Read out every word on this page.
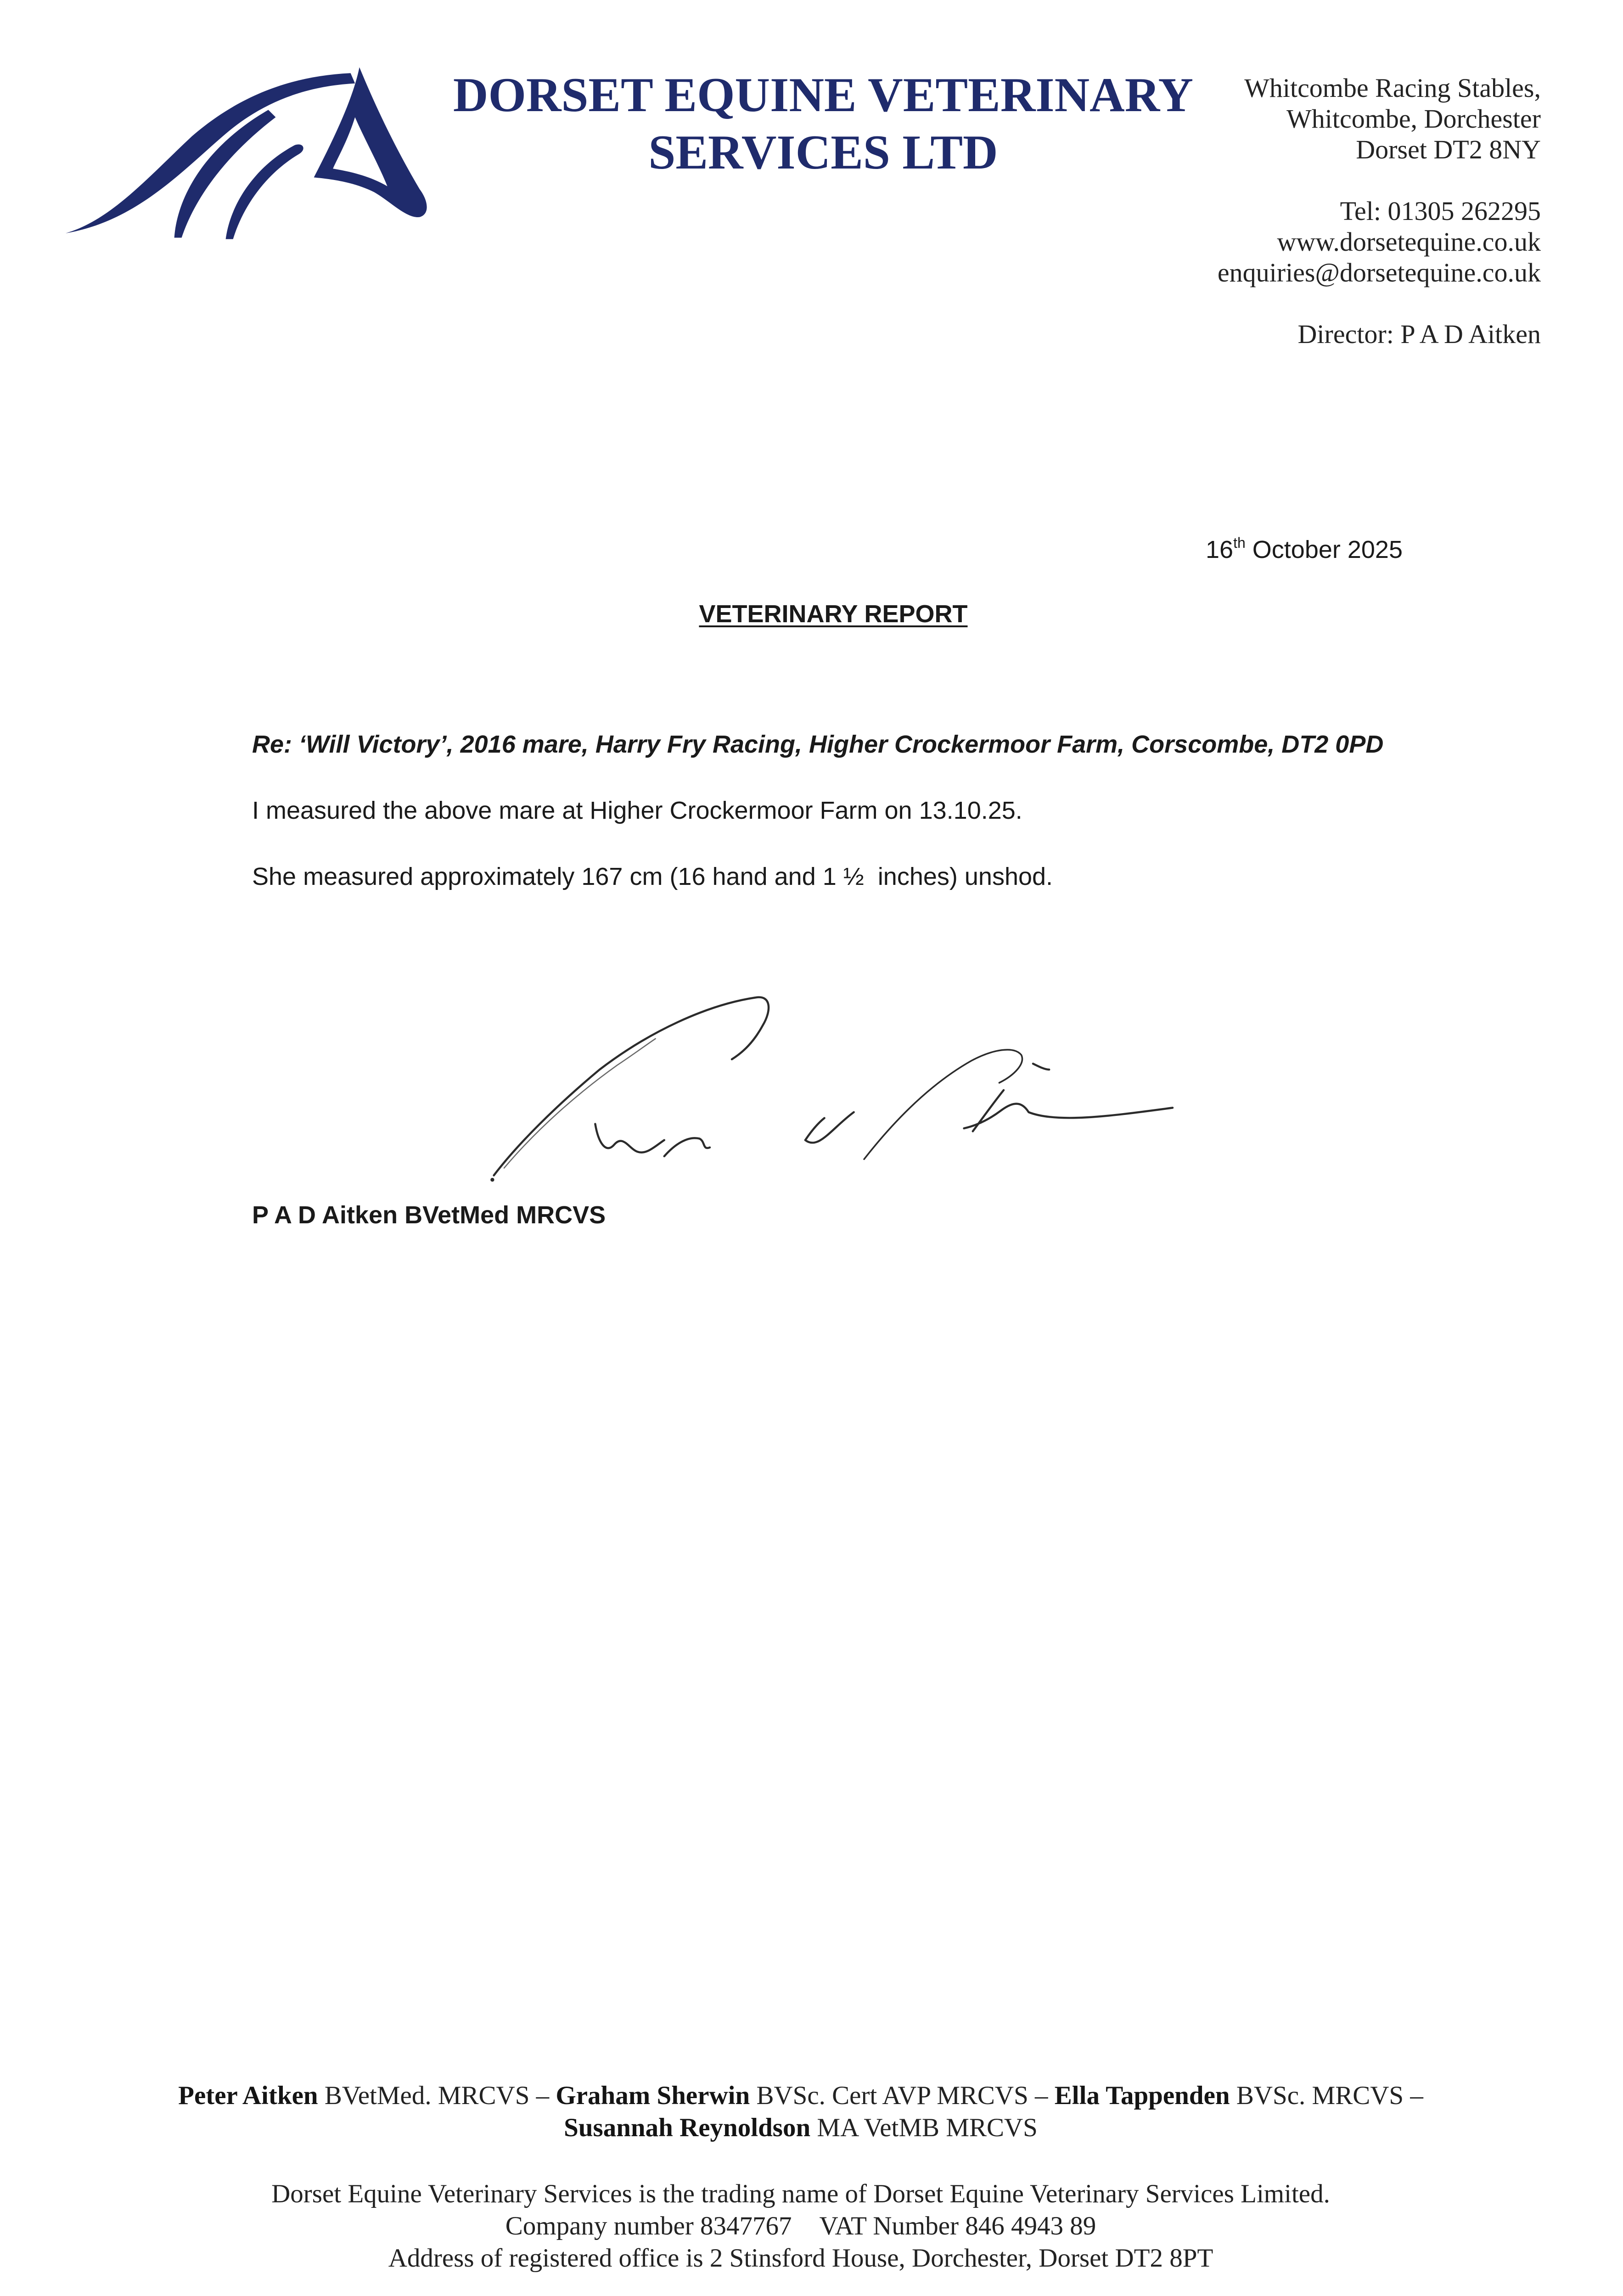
DORSET EQUINE VETERINARY
SERVICES LTD
Whitcombe Racing Stables,
Whitcombe, Dorchester
Dorset DT2 8NY
Tel: 01305 262295
www.dorsetequine.co.uk
enquiries@dorsetequine.co.uk
Director: P A D Aitken
16th October 2025
VETERINARY REPORT
Re: ‘Will Victory’, 2016 mare, Harry Fry Racing, Higher Crockermoor Farm, Corscombe, DT2 0PD
I measured the above mare at Higher Crockermoor Farm on 13.10.25.
She measured approximately 167 cm (16 hand and 1 ½  inches) unshod.
P A D Aitken BVetMed MRCVS
Peter Aitken BVetMed. MRCVS – Graham Sherwin BVSc. Cert AVP MRCVS – Ella Tappenden BVSc. MRCVS –
Susannah Reynoldson MA VetMB MRCVS
Dorset Equine Veterinary Services is the trading name of Dorset Equine Veterinary Services Limited.
Company number 8347767 VAT Number 846 4943 89
Address of registered office is 2 Stinsford House, Dorchester, Dorset DT2 8PT
